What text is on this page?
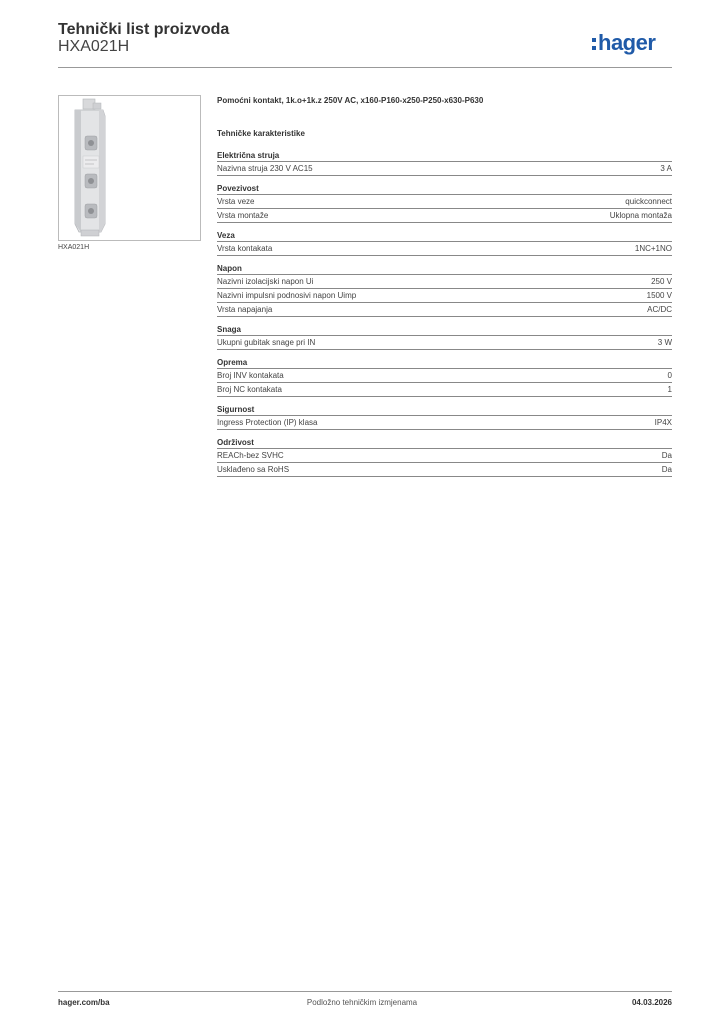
Tehnički list proizvoda
HXA021H	hager
HXA021H
Pomoćni kontakt, 1k.o+1k.z 250V AC, x160-P160-x250-P250-x630-P630
Tehničke karakteristike
Električna struja
Nazivna struja 230 V AC15	3 A
Povezivost
Vrsta veze	quickconnect
Vrsta montaže	Uklopna montaža
Veza
Vrsta kontakata	1NC+1NO
Napon
Nazivni izolacijski napon Ui	250 V
Nazivni impulsni podnosivi napon Uimp	1500 V
Vrsta napajanja	AC/DC
Snaga
Ukupni gubitak snage pri IN	3 W
Oprema
Broj INV kontakata	0
Broj NC kontakata	1
Sigurnost
Ingress Protection (IP) klasa	IP4X
Održivost
REACh-bez SVHC	Da
Usklađeno sa RoHS	Da
hager.com/ba	Podložno tehničkim izmjenama	04.03.2026
